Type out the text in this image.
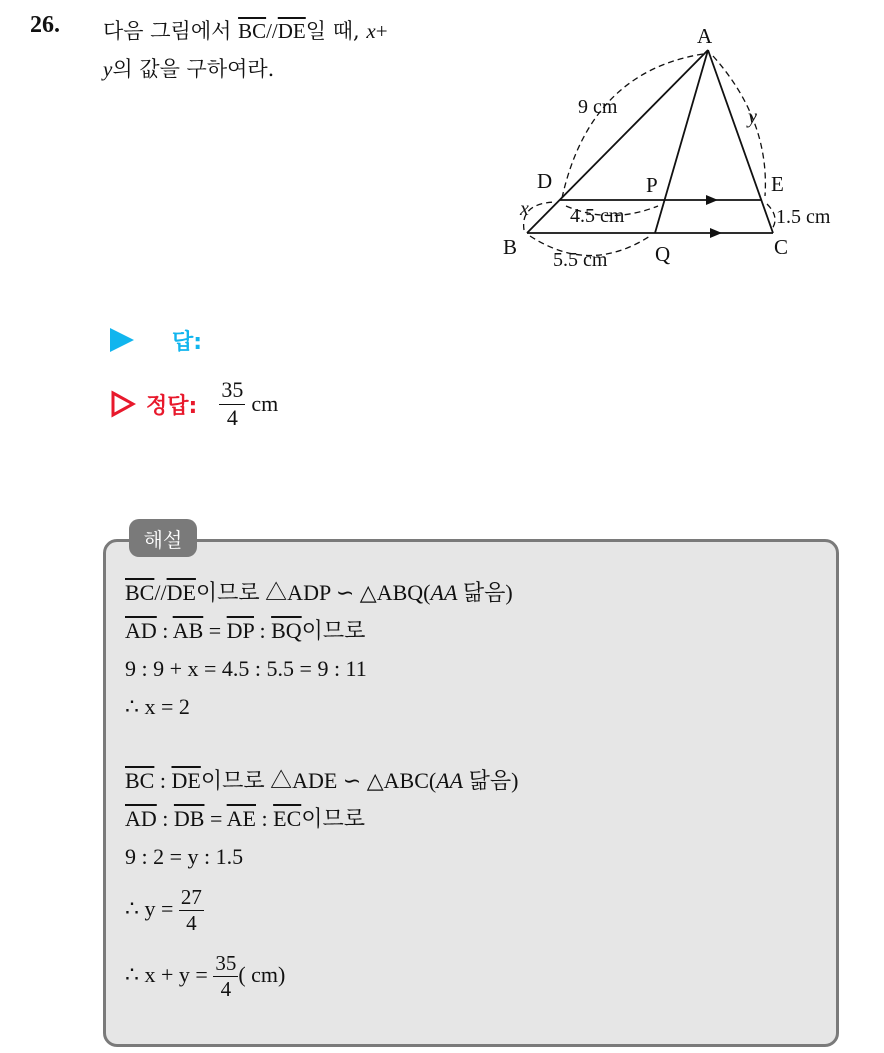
26. 다음 그림에서 $\overline{BC}//\overline{DE}$일 때, x+
y의 값을 구하여라.
A
B	C
D	E
P
Q
9 cm	y
x 4.5 cm	1.5 cm
5.5 cm
답:
정답: $\frac{35}{4}$ cm
해설
$\overline{BC}//\overline{DE}$이므로 △ADP ∽ △ABQ(AA 닮음)
$\overline{AD}$ : $\overline{AB} = \overline{DP}$ : $\overline{BQ}$이므로
9 : 9 + x = 4.5 : 5.5 = 9 : 11
∴ x = 2
$\overline{BC}$ : $\overline{DE}$이므로 △ADE ∽ △ABC(AA 닮음)
$\overline{AD}$ : $\overline{DB} = \overline{AE}$ : $\overline{EC}$이므로
9 : 2 = y : 1.5
∴ $y = \frac{27}{4}$
∴ $x + y = \frac{35}{4}$ ( cm)
